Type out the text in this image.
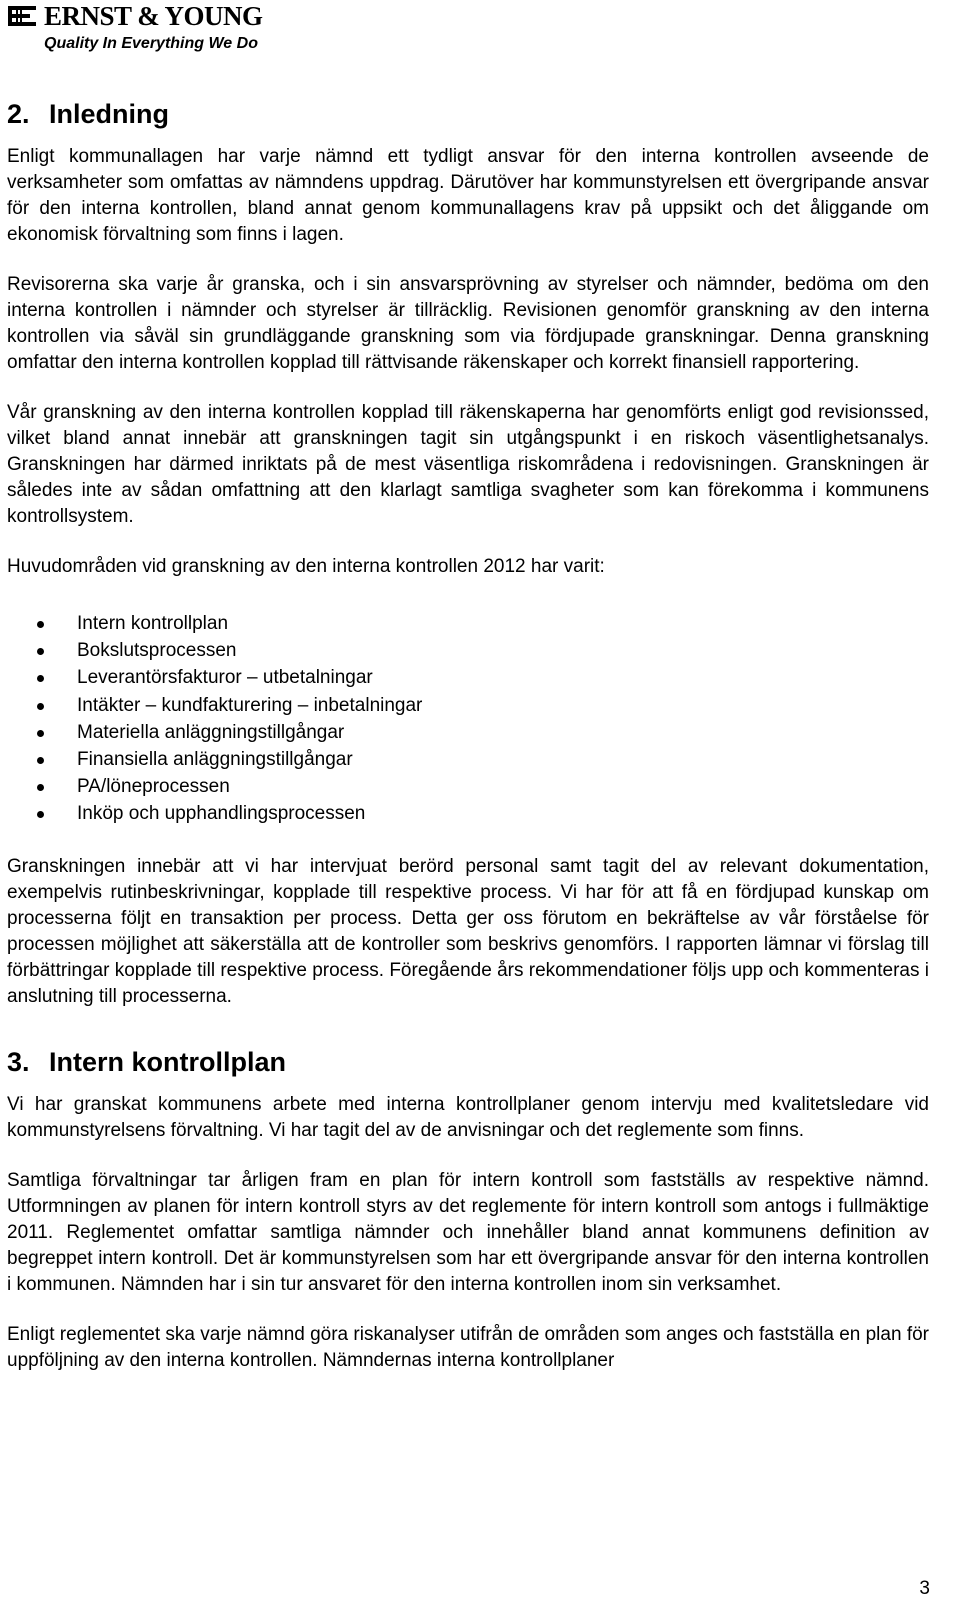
ERNST & YOUNG
Quality In Everything We Do
2. Inledning

Enligt kommunallagen har varje nämnd ett tydligt ansvar för den interna kontrollen avseende de verksamheter som omfattas av nämndens uppdrag. Därutöver har kommunstyrelsen ett övergripande ansvar för den interna kontrollen, bland annat genom kommunallagens krav på uppsikt och det åliggande om ekonomisk förvaltning som finns i lagen.

Revisorerna ska varje år granska, och i sin ansvarsprövning av styrelser och nämnder, bedöma om den interna kontrollen i nämnder och styrelser är tillräcklig. Revisionen genomför granskning av den interna kontrollen via såväl sin grundläggande granskning som via fördjupade granskningar. Denna granskning omfattar den interna kontrollen kopplad till rättvisande räkenskaper och korrekt finansiell rapportering.

Vår granskning av den interna kontrollen kopplad till räkenskaperna har genomförts enligt god revisionssed, vilket bland annat innebär att granskningen tagit sin utgångspunkt i en riskoch väsentlighetsanalys. Granskningen har därmed inriktats på de mest väsentliga riskområdena i redovisningen. Granskningen är således inte av sådan omfattning att den klarlagt samtliga svagheter som kan förekomma i kommunens kontrollsystem.

Huvudområden vid granskning av den interna kontrollen 2012 har varit:

Intern kontrollplan
Bokslutsprocessen
Leverantörsfakturor – utbetalningar
Intäkter – kundfakturering – inbetalningar
Materiella anläggningstillgångar
Finansiella anläggningstillgångar
PA/löneprocessen
Inköp och upphandlingsprocessen

Granskningen innebär att vi har intervjuat berörd personal samt tagit del av relevant dokumentation, exempelvis rutinbeskrivningar, kopplade till respektive process. Vi har för att få en fördjupad kunskap om processerna följt en transaktion per process. Detta ger oss förutom en bekräftelse av vår förståelse för processen möjlighet att säkerställa att de kontroller som beskrivs genomförs. I rapporten lämnar vi förslag till förbättringar kopplade till respektive process. Föregående års rekommendationer följs upp och kommenteras i anslutning till processerna.

3. Intern kontrollplan

Vi har granskat kommunens arbete med interna kontrollplaner genom intervju med kvalitetsledare vid kommunstyrelsens förvaltning. Vi har tagit del av de anvisningar och det reglemente som finns.

Samtliga förvaltningar tar årligen fram en plan för intern kontroll som fastställs av respektive nämnd. Utformningen av planen för intern kontroll styrs av det reglemente för intern kontroll som antogs i fullmäktige 2011. Reglementet omfattar samtliga nämnder och innehåller bland annat kommunens definition av begreppet intern kontroll. Det är kommunstyrelsen som har ett övergripande ansvar för den interna kontrollen i kommunen. Nämnden har i sin tur ansvaret för den interna kontrollen inom sin verksamhet.

Enligt reglementet ska varje nämnd göra riskanalyser utifrån de områden som anges och fastställa en plan för uppföljning av den interna kontrollen. Nämndernas interna kontrollplaner

3
